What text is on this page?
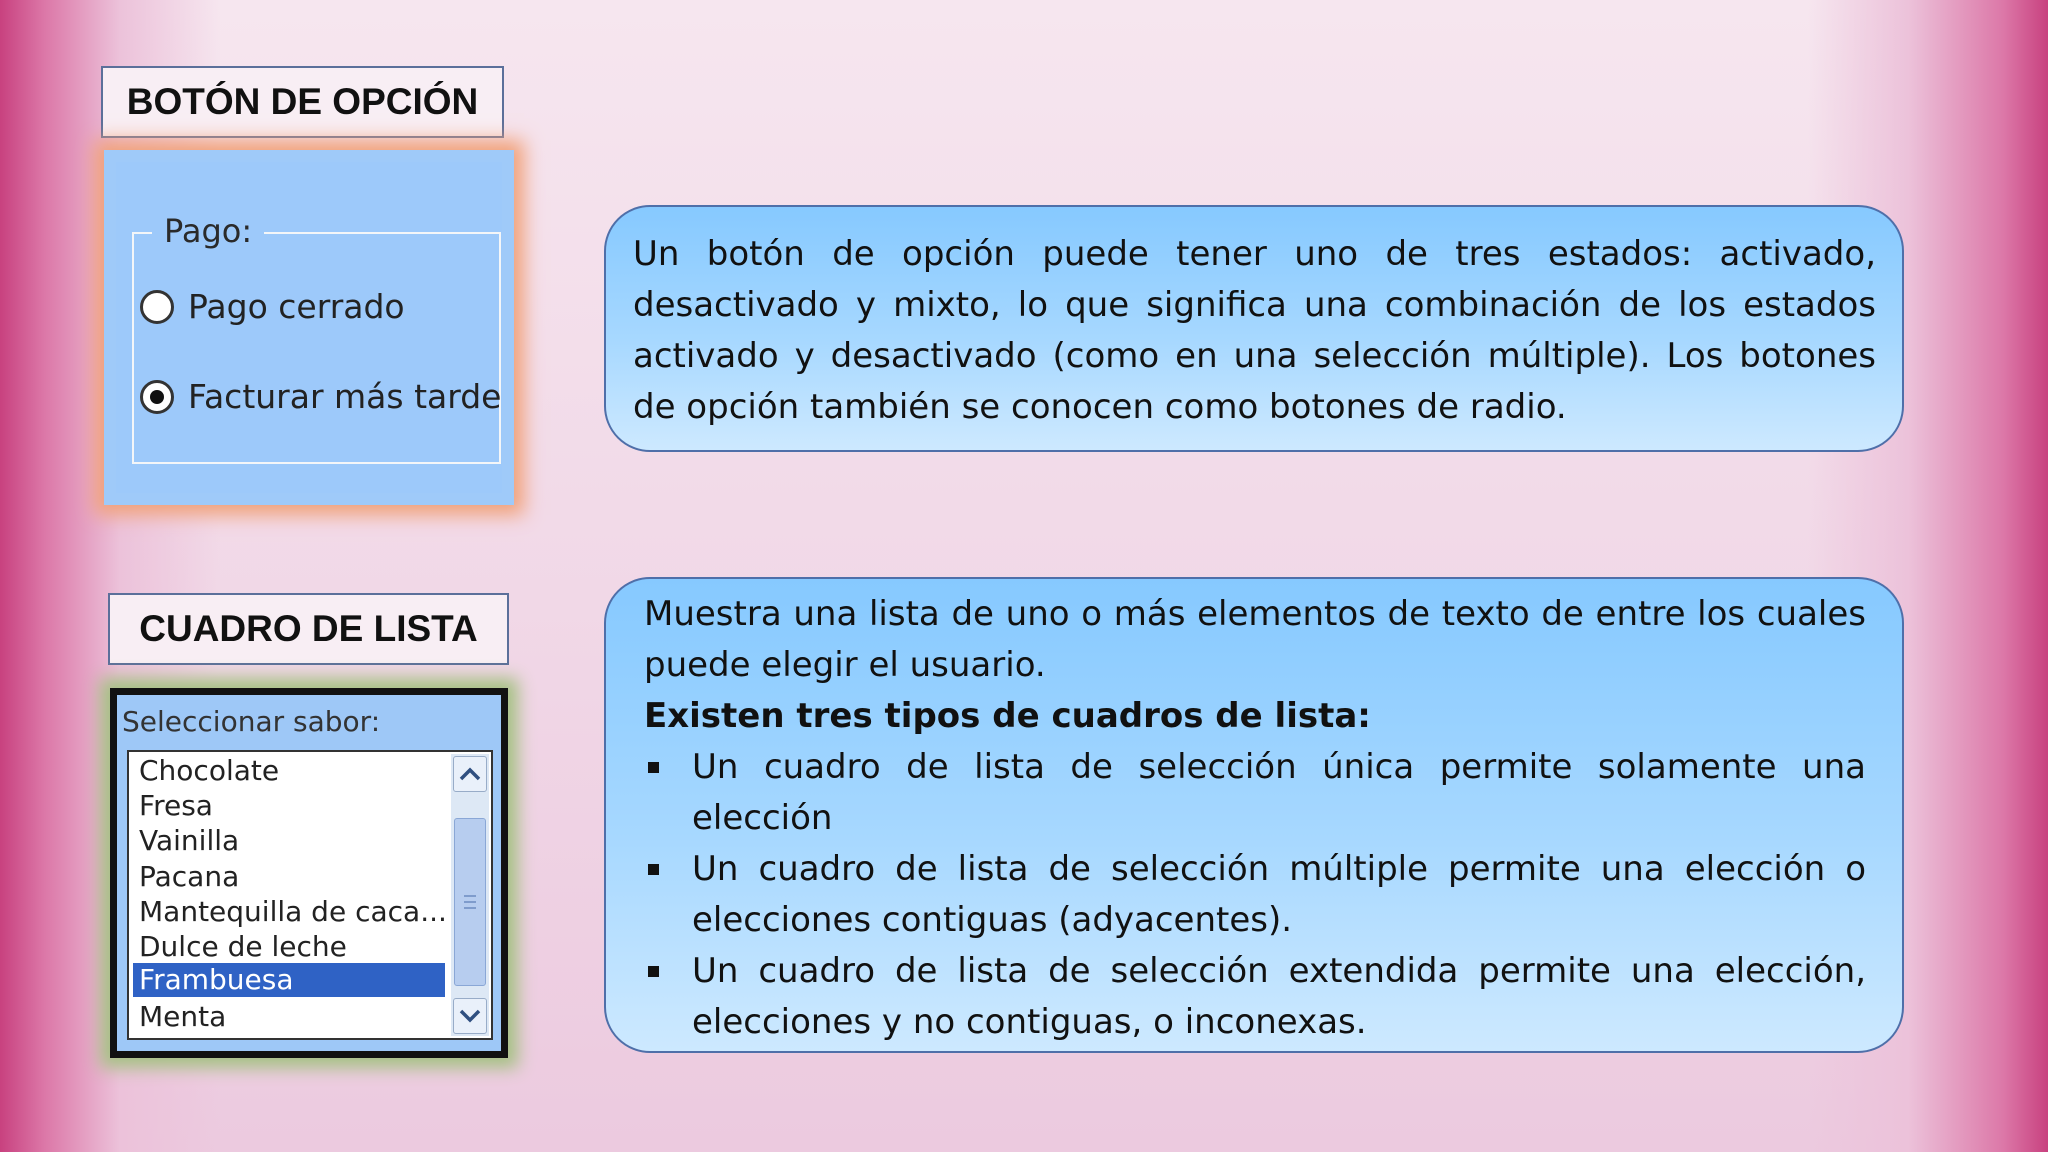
BOTÓN DE OPCIÓN
Pago:
Pago cerrado
Facturar más tarde

Un botón de opción puede tener uno de tres estados: activado, desactivado y mixto, lo que significa una combinación de los estados activado y desactivado (como en una selección múltiple). Los botones de opción también se conocen como botones de radio.

CUADRO DE LISTA
Seleccionar sabor:
Chocolate
Fresa
Vainilla
Pacana
Mantequilla de caca...
Dulce de leche
Frambuesa
Menta

Muestra una lista de uno o más elementos de texto de entre los cuales puede elegir el usuario.

Existen tres tipos de cuadros de lista:

Un cuadro de lista de selección única permite solamente una elección
Un cuadro de lista de selección múltiple permite una elección o elecciones contiguas (adyacentes).
Un cuadro de lista de selección extendida permite una elección, elecciones y no contiguas, o inconexas.
